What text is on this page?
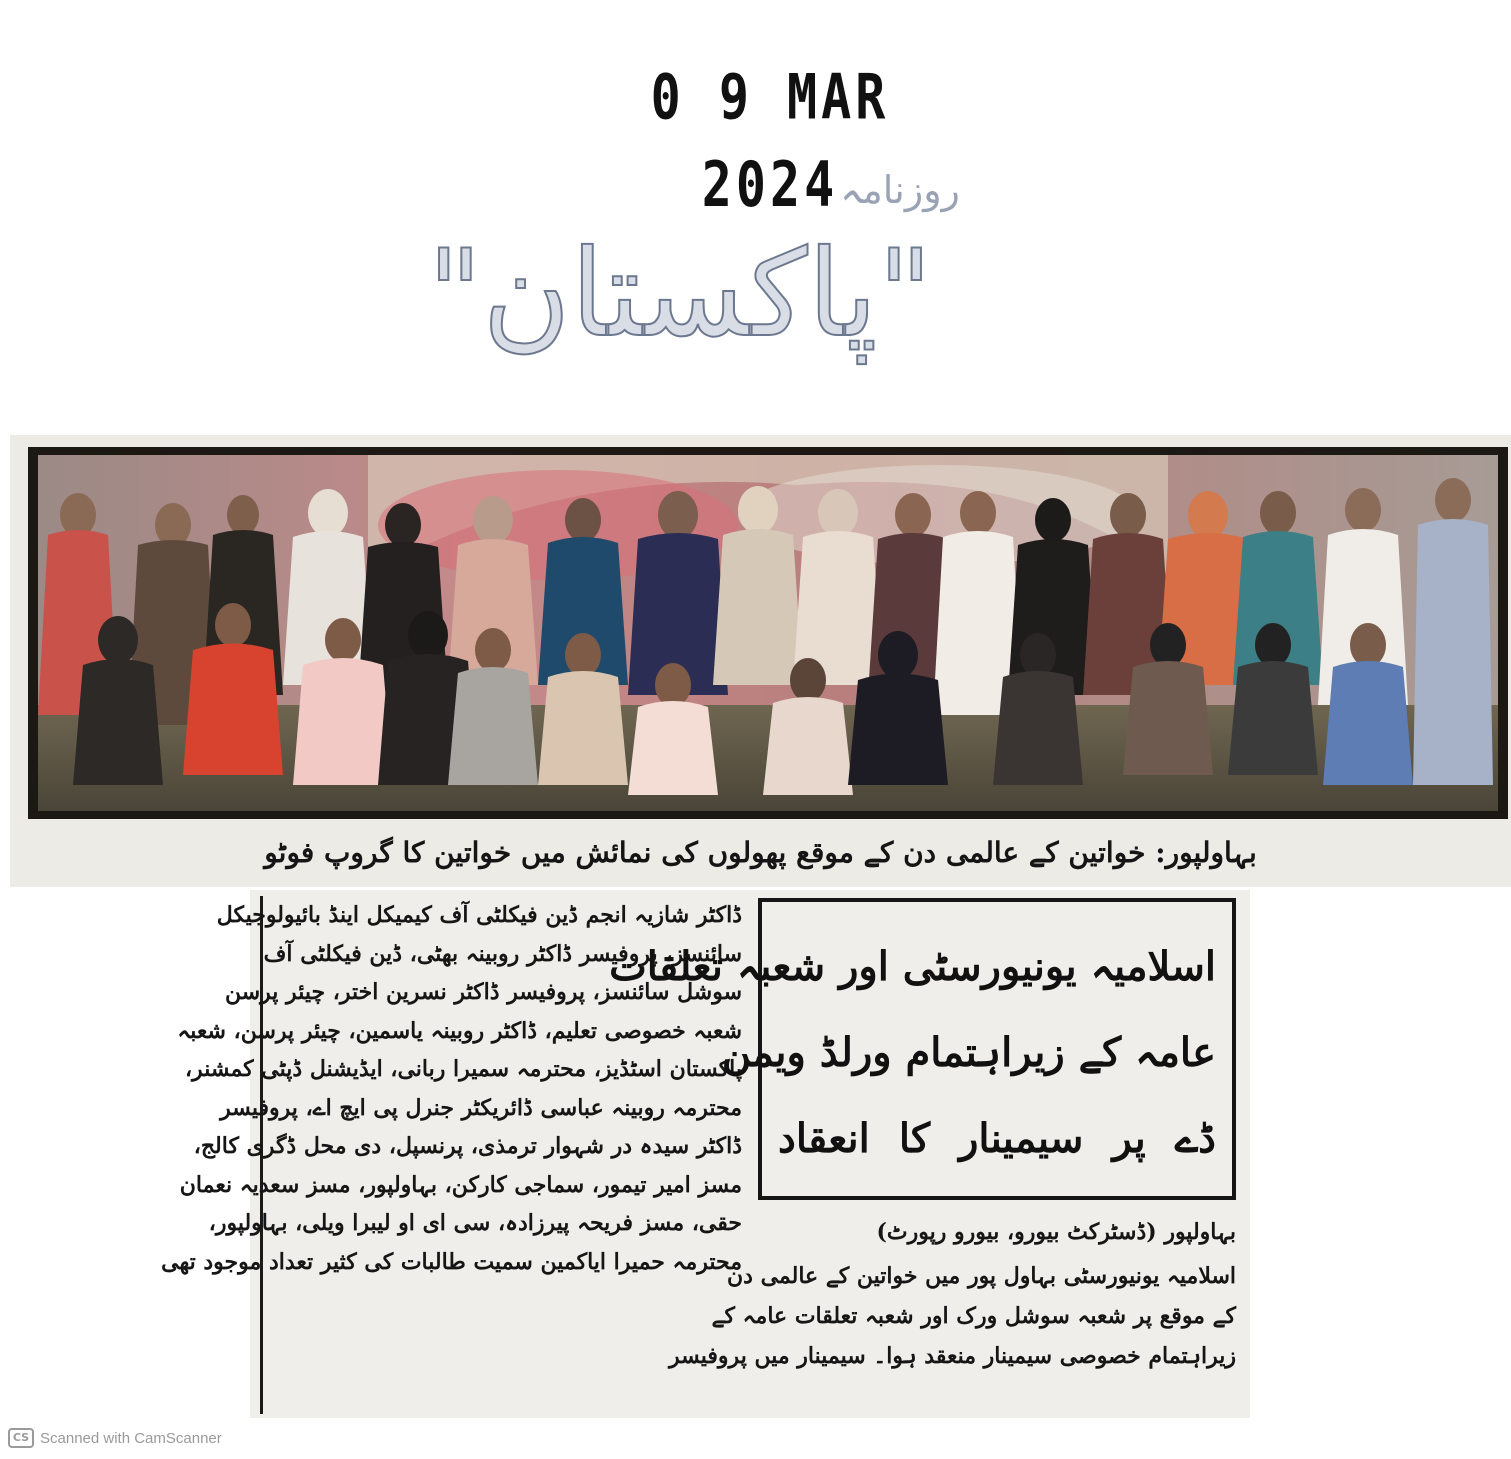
0 9 MAR 2024 روزنامہ
"پاکستان"
بہاولپور: خواتین کے عالمی دن کے موقع پھولوں کی نمائش میں خواتین کا گروپ فوٹو
ڈاکٹر شازیہ انجم ڈین فیکلٹی آف کیمیکل اینڈ بائیولوجیکل
سائنسز، پروفیسر ڈاکٹر روبینہ بھٹی، ڈین فیکلٹی آف
سوشل سائنسز، پروفیسر ڈاکٹر نسرین اختر، چیئر پرسن
شعبہ خصوصی تعلیم، ڈاکٹر روبینہ یاسمین، چیئر پرسن، شعبہ
پاکستان اسٹڈیز، محترمہ سمیرا ربانی، ایڈیشنل ڈپٹی کمشنر،
محترمہ روبینہ عباسی ڈائریکٹر جنرل پی ایچ اے، پروفیسر
ڈاکٹر سیدہ در شہوار ترمذی، پرنسپل، دی محل ڈگری کالج،
مسز امیر تیمور، سماجی کارکن، بہاولپور، مسز سعدیہ نعمان
حقی، مسز فریحہ پیرزادہ، سی ای او لیبرا ویلی، بہاولپور،
محترمہ حمیرا ایاکمین سمیت طالبات کی کثیر تعداد موجود تھی
اسلامیہ یونیورسٹی اور شعبہ تعلقات
عامہ کے زیراہتمام ورلڈ ویمن
ڈے پر سیمینار کا انعقاد
بہاولپور (ڈسٹرکٹ بیورو، بیورو رپورٹ)
اسلامیہ یونیورسٹی بہاول پور میں خواتین کے عالمی دن
کے موقع پر شعبہ سوشل ورک اور شعبہ تعلقات عامہ کے
زیراہتمام خصوصی سیمینار منعقد ہوا۔ سیمینار میں پروفیسر
CS Scanned with CamScanner
